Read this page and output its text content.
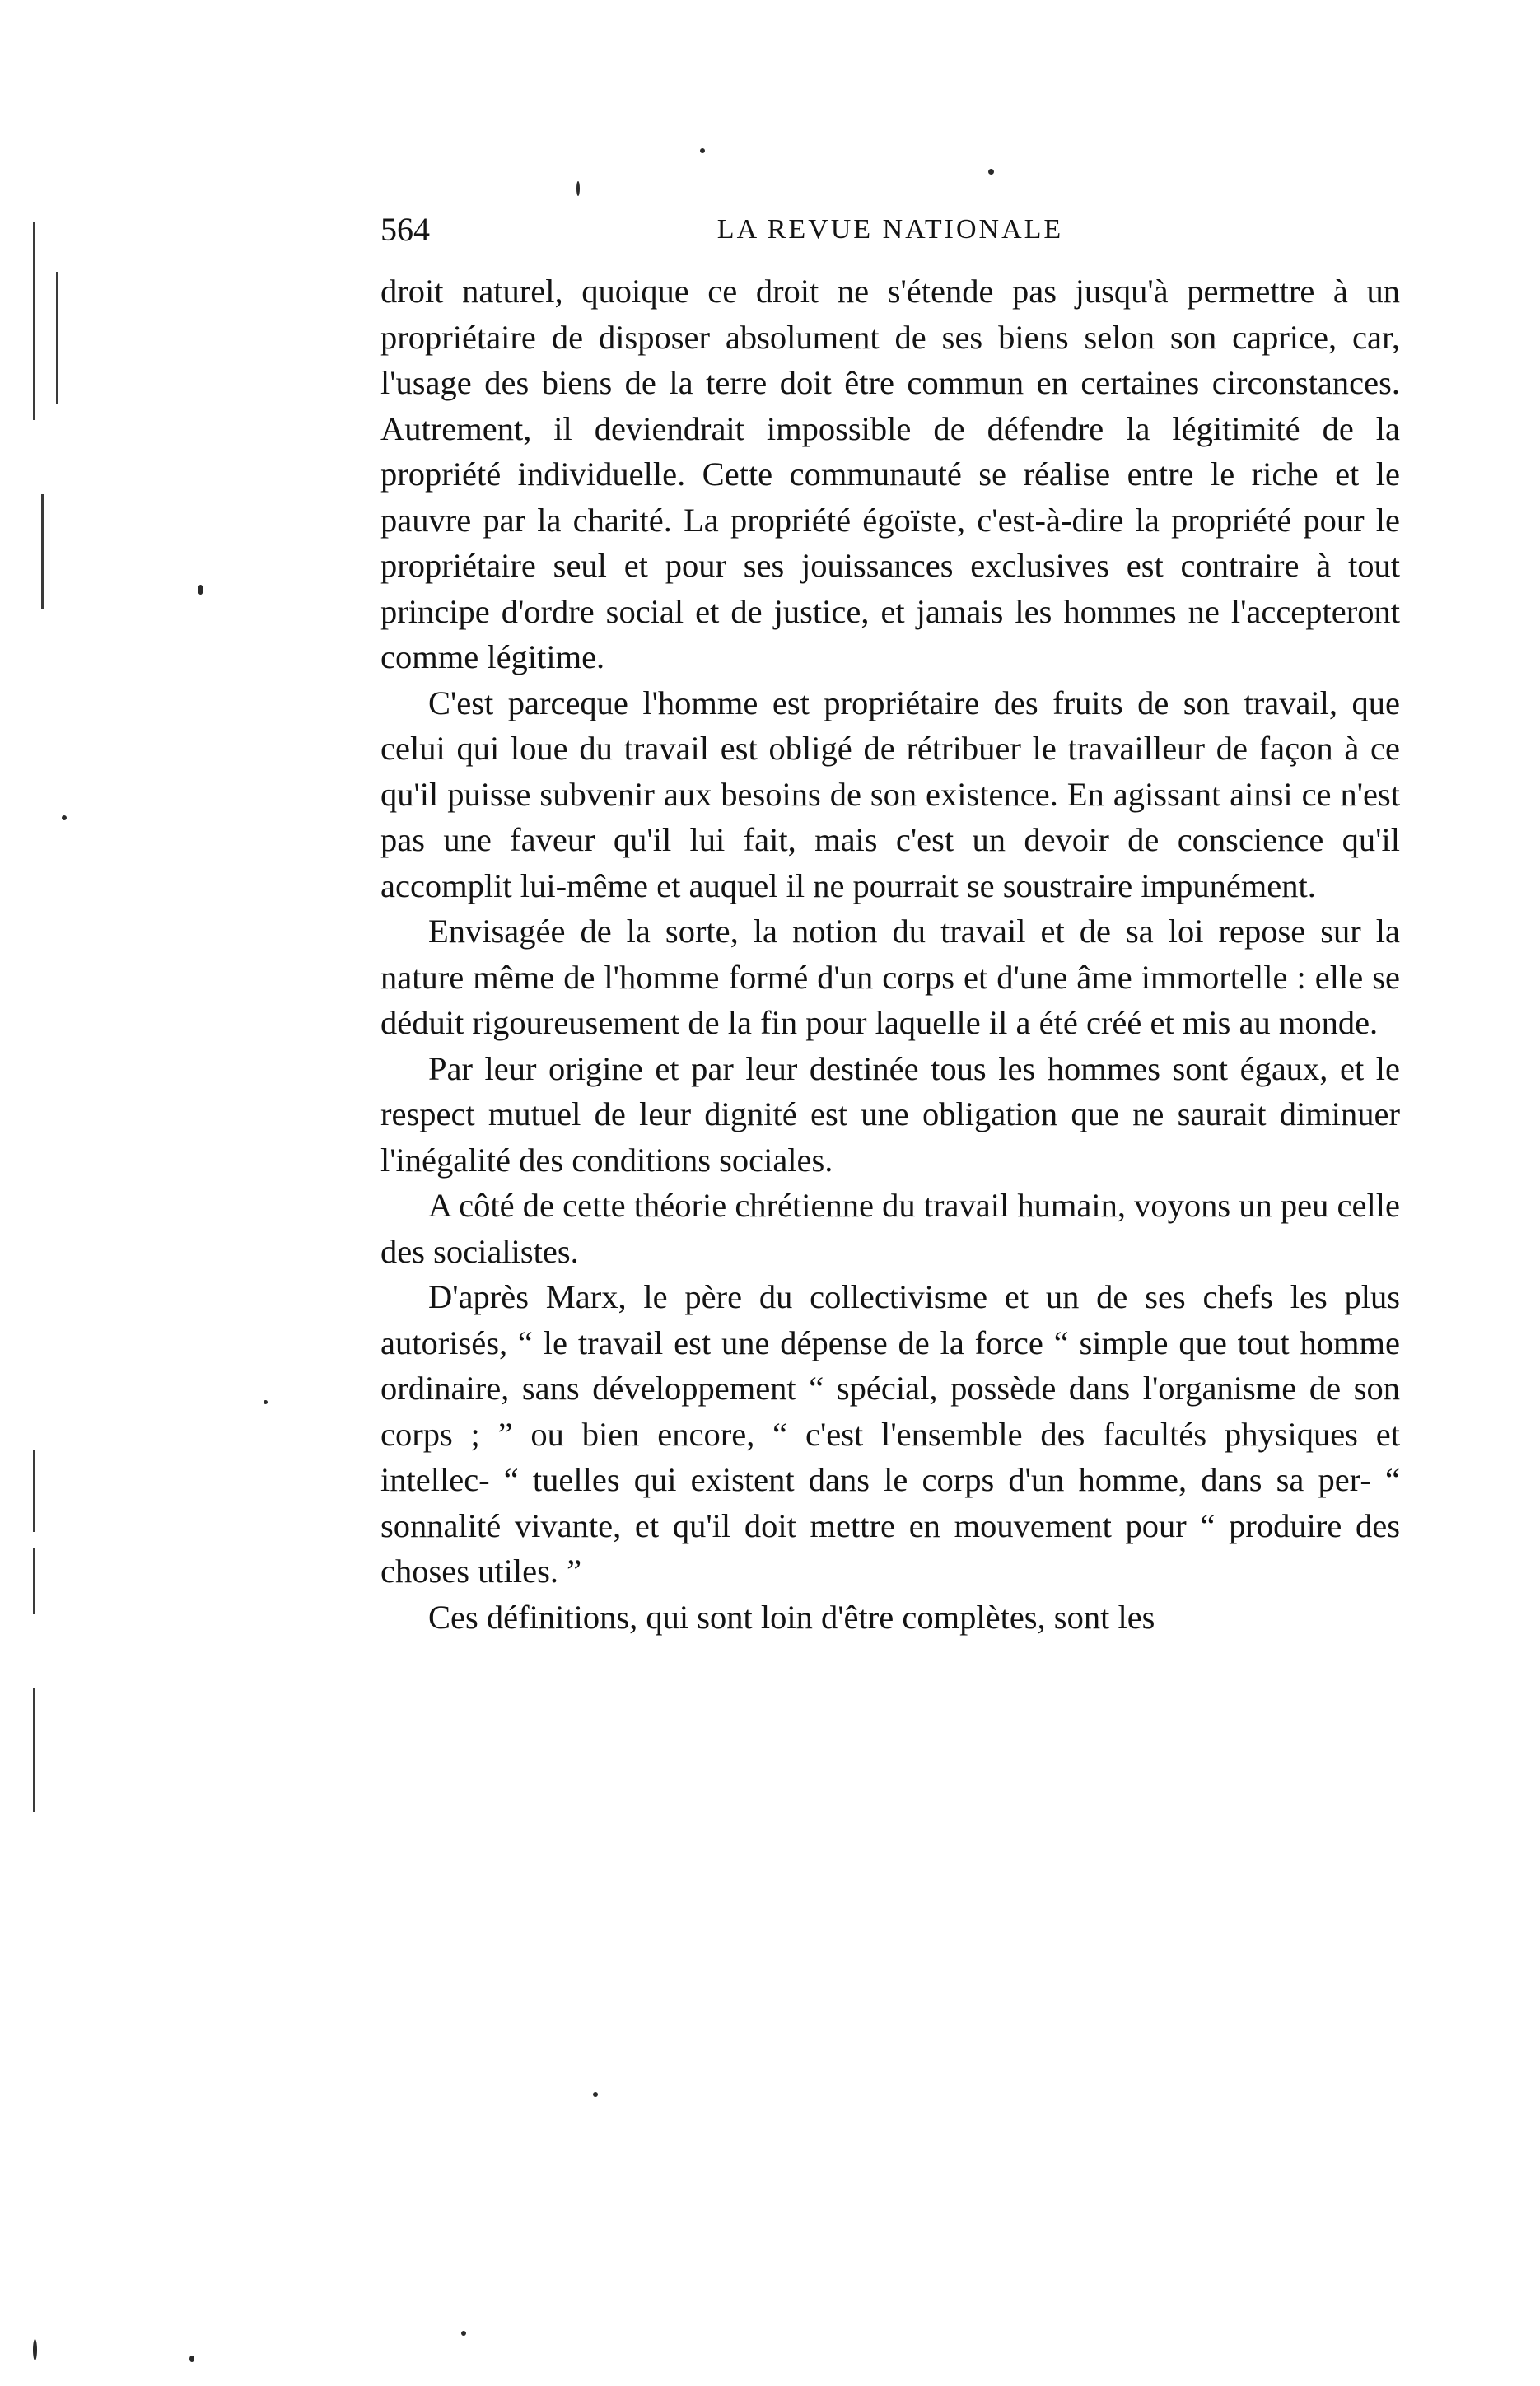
564	LA REVUE NATIONALE

droit naturel, quoique ce droit ne s'étende pas jusqu'à permettre à un propriétaire de disposer absolument de ses biens selon son caprice, car, l'usage des biens de la terre doit être commun en certaines circonstances. Autrement, il deviendrait impossible de défendre la légitimité de la propriété individuelle. Cette communauté se réalise entre le riche et le pauvre par la charité. La propriété égoïste, c'est-à-dire la propriété pour le propriétaire seul et pour ses jouissances exclusives est contraire à tout principe d'ordre social et de justice, et jamais les hommes ne l'accepteront comme légitime.

C'est parceque l'homme est propriétaire des fruits de son travail, que celui qui loue du travail est obligé de rétribuer le travailleur de façon à ce qu'il puisse subvenir aux besoins de son existence. En agissant ainsi ce n'est pas une faveur qu'il lui fait, mais c'est un devoir de conscience qu'il accomplit lui-même et auquel il ne pourrait se soustraire impunément.

Envisagée de la sorte, la notion du travail et de sa loi repose sur la nature même de l'homme formé d'un corps et d'une âme immortelle : elle se déduit rigoureusement de la fin pour laquelle il a été créé et mis au monde.

Par leur origine et par leur destinée tous les hommes sont égaux, et le respect mutuel de leur dignité est une obligation que ne saurait diminuer l'inégalité des conditions sociales.

A côté de cette théorie chrétienne du travail humain, voyons un peu celle des socialistes.

D'après Marx, le père du collectivisme et un de ses chefs les plus autorisés, “ le travail est une dépense de la force “ simple que tout homme ordinaire, sans développement “ spécial, possède dans l'organisme de son corps ; ” ou bien encore, “ c'est l'ensemble des facultés physiques et intellec- “ tuelles qui existent dans le corps d'un homme, dans sa per- “ sonnalité vivante, et qu'il doit mettre en mouvement pour “ produire des choses utiles. ”

Ces définitions, qui sont loin d'être complètes, sont les
